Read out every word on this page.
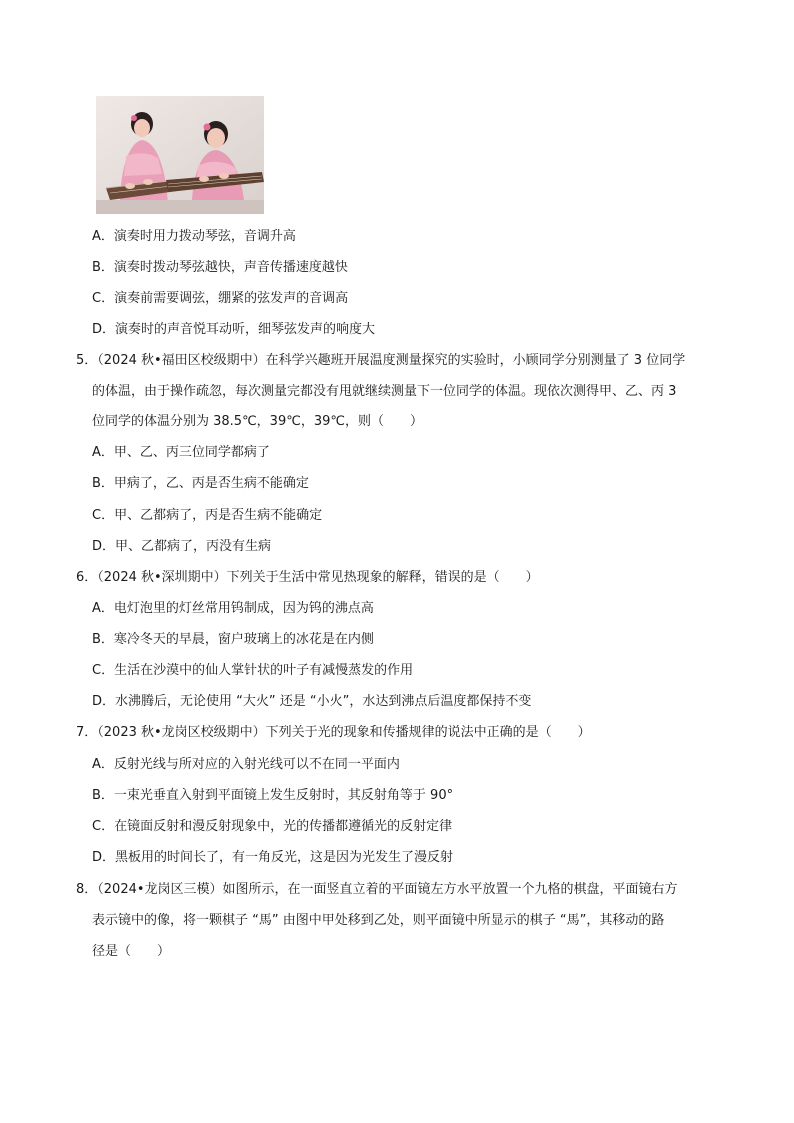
A．演奏时用力拨动琴弦，音调升高
B．演奏时拨动琴弦越快，声音传播速度越快
C．演奏前需要调弦，绷紧的弦发声的音调高
D．演奏时的声音悦耳动听，细琴弦发声的响度大
5．（2024 秋•福田区校级期中）在科学兴趣班开展温度测量探究的实验时，小顾同学分别测量了 3 位同学
的体温，由于操作疏忽，每次测量完都没有甩就继续测量下一位同学的体温。现依次测得甲、乙、丙 3
位同学的体温分别为 38.5℃，39℃，39℃，则（　　）
A．甲、乙、丙三位同学都病了
B．甲病了，乙、丙是否生病不能确定
C．甲、乙都病了，丙是否生病不能确定
D．甲、乙都病了，丙没有生病
6．（2024 秋•深圳期中）下列关于生活中常见热现象的解释，错误的是（　　）
A．电灯泡里的灯丝常用钨制成，因为钨的沸点高
B．寒冷冬天的早晨，窗户玻璃上的冰花是在内侧
C．生活在沙漠中的仙人掌针状的叶子有减慢蒸发的作用
D．水沸腾后，无论使用 “大火” 还是 “小火”，水达到沸点后温度都保持不变
7．（2023 秋•龙岗区校级期中）下列关于光的现象和传播规律的说法中正确的是（　　）
A．反射光线与所对应的入射光线可以不在同一平面内
B．一束光垂直入射到平面镜上发生反射时，其反射角等于 90°
C．在镜面反射和漫反射现象中，光的传播都遵循光的反射定律
D．黑板用的时间长了，有一角反光，这是因为光发生了漫反射
8．（2024•龙岗区三模）如图所示，在一面竖直立着的平面镜左方水平放置一个九格的棋盘，平面镜右方
表示镜中的像，将一颗棋子 “馬” 由图中甲处移到乙处，则平面镜中所显示的棋子 “馬”，其移动的路
径是（　　）
